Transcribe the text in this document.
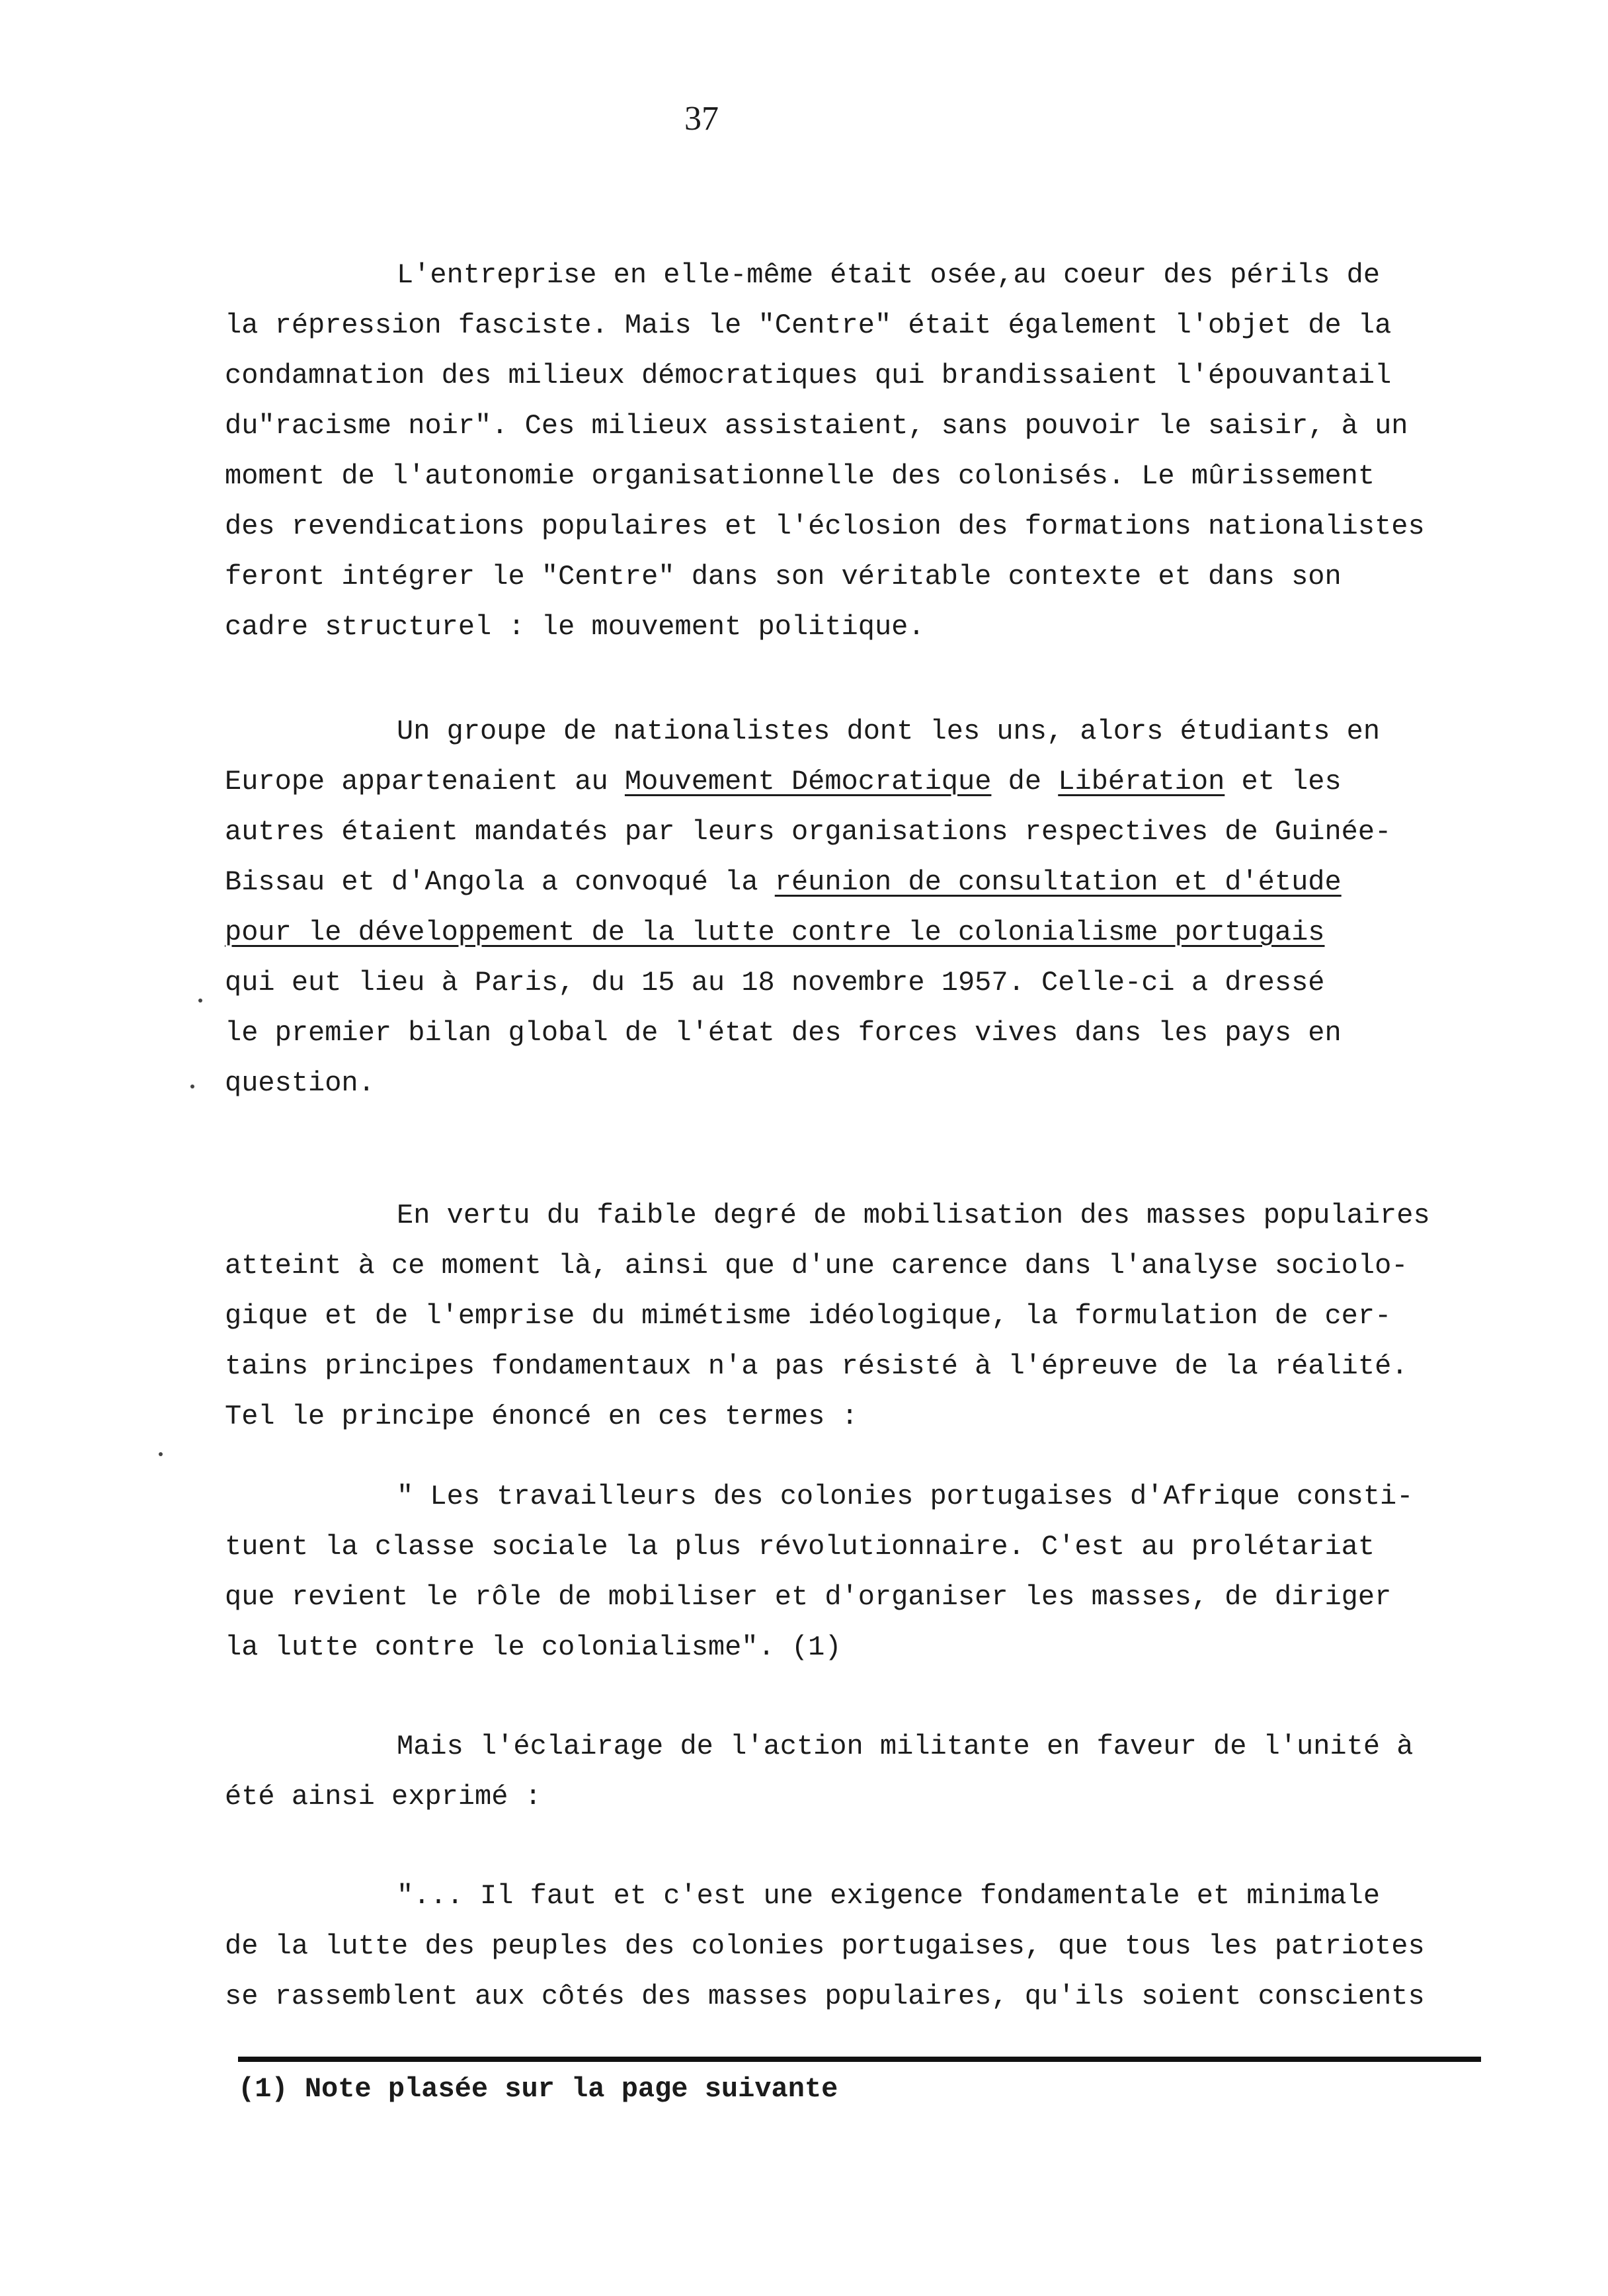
37

L'entreprise en elle-même était osée,au coeur des périls de
la répression fasciste. Mais le "Centre" était également l'objet de la
condamnation des milieux démocratiques qui brandissaient l'épouvantail
du"racisme noir". Ces milieux assistaient, sans pouvoir le saisir, à un
moment de l'autonomie organisationnelle des colonisés. Le mûrissement
des revendications populaires et l'éclosion des formations nationalistes
feront intégrer le "Centre" dans son véritable contexte et dans son
cadre structurel : le mouvement politique.
Un groupe de nationalistes dont les uns, alors étudiants en
Europe appartenaient au Mouvement Démocratique de Libération et les
autres étaient mandatés par leurs organisations respectives de Guinée-
Bissau et d'Angola a convoqué la réunion de consultation et d'étude
pour le développement de la lutte contre le colonialisme portugais
qui eut lieu à Paris, du 15 au 18 novembre 1957. Celle-ci a dressé
le premier bilan global de l'état des forces vives dans les pays en
question.
En vertu du faible degré de mobilisation des masses populaires
atteint à ce moment là, ainsi que d'une carence dans l'analyse sociolo-
gique et de l'emprise du mimétisme idéologique, la formulation de cer-
tains principes fondamentaux n'a pas résisté à l'épreuve de la réalité.
Tel le principe énoncé en ces termes :
" Les travailleurs des colonies portugaises d'Afrique consti-
tuent la classe sociale la plus révolutionnaire. C'est au prolétariat
que revient le rôle de mobiliser et d'organiser les masses, de diriger
la lutte contre le colonialisme". (1)
Mais l'éclairage de l'action militante en faveur de l'unité à
été ainsi exprimé :
"... Il faut et c'est une exigence fondamentale et minimale
de la lutte des peuples des colonies portugaises, que tous les patriotes
se rassemblent aux côtés des masses populaires, qu'ils soient conscients

(1) Note plasée sur la page suivante
